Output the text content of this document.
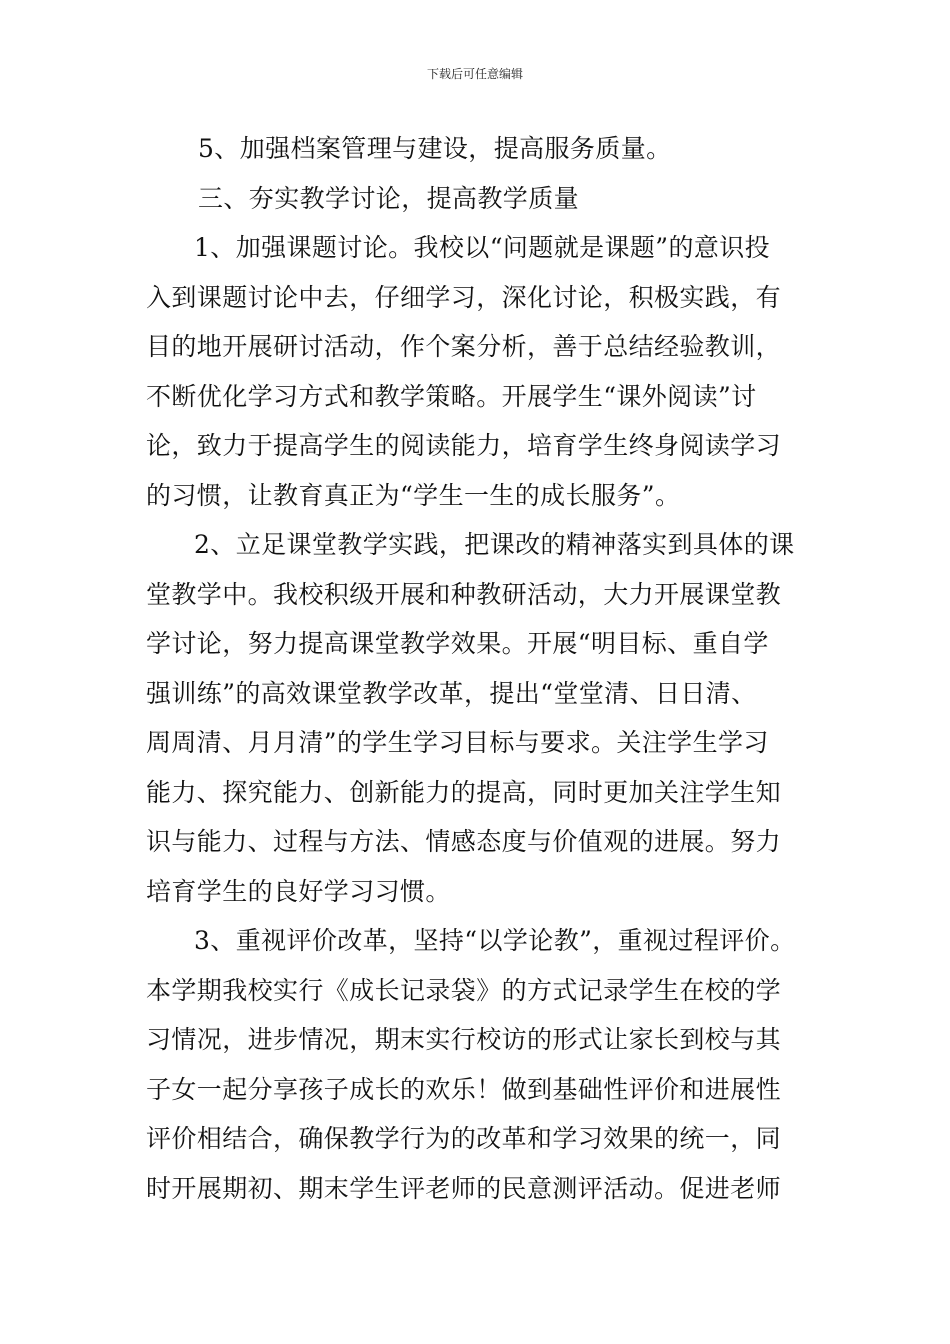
下载后可任意编辑
5、加强档案管理与建设，提高服务质量。
三、夯实教学讨论，提高教学质量
1、加强课题讨论。我校以“问题就是课题”的意识投
入到课题讨论中去，仔细学习，深化讨论，积极实践，有
目的地开展研讨活动，作个案分析，善于总结经验教训，
不断优化学习方式和教学策略。开展学生“课外阅读”讨
论，致力于提高学生的阅读能力，培育学生终身阅读学习
的习惯，让教育真正为“学生一生的成长服务”。
2、立足课堂教学实践，把课改的精神落实到具体的课
堂教学中。我校积级开展和种教研活动，大力开展课堂教
学讨论，努力提高课堂教学效果。开展“明目标、重自学
强训练”的高效课堂教学改革，提出“堂堂清、日日清、
周周清、月月清”的学生学习目标与要求。关注学生学习
能力、探究能力、创新能力的提高，同时更加关注学生知
识与能力、过程与方法、情感态度与价值观的进展。努力
培育学生的良好学习习惯。
3、重视评价改革，坚持“以学论教”，重视过程评价。
本学期我校实行《成长记录袋》的方式记录学生在校的学
习情况，进步情况，期末实行校访的形式让家长到校与其
子女一起分享孩子成长的欢乐！做到基础性评价和进展性
评价相结合，确保教学行为的改革和学习效果的统一，同
时开展期初、期末学生评老师的民意测评活动。促进老师
